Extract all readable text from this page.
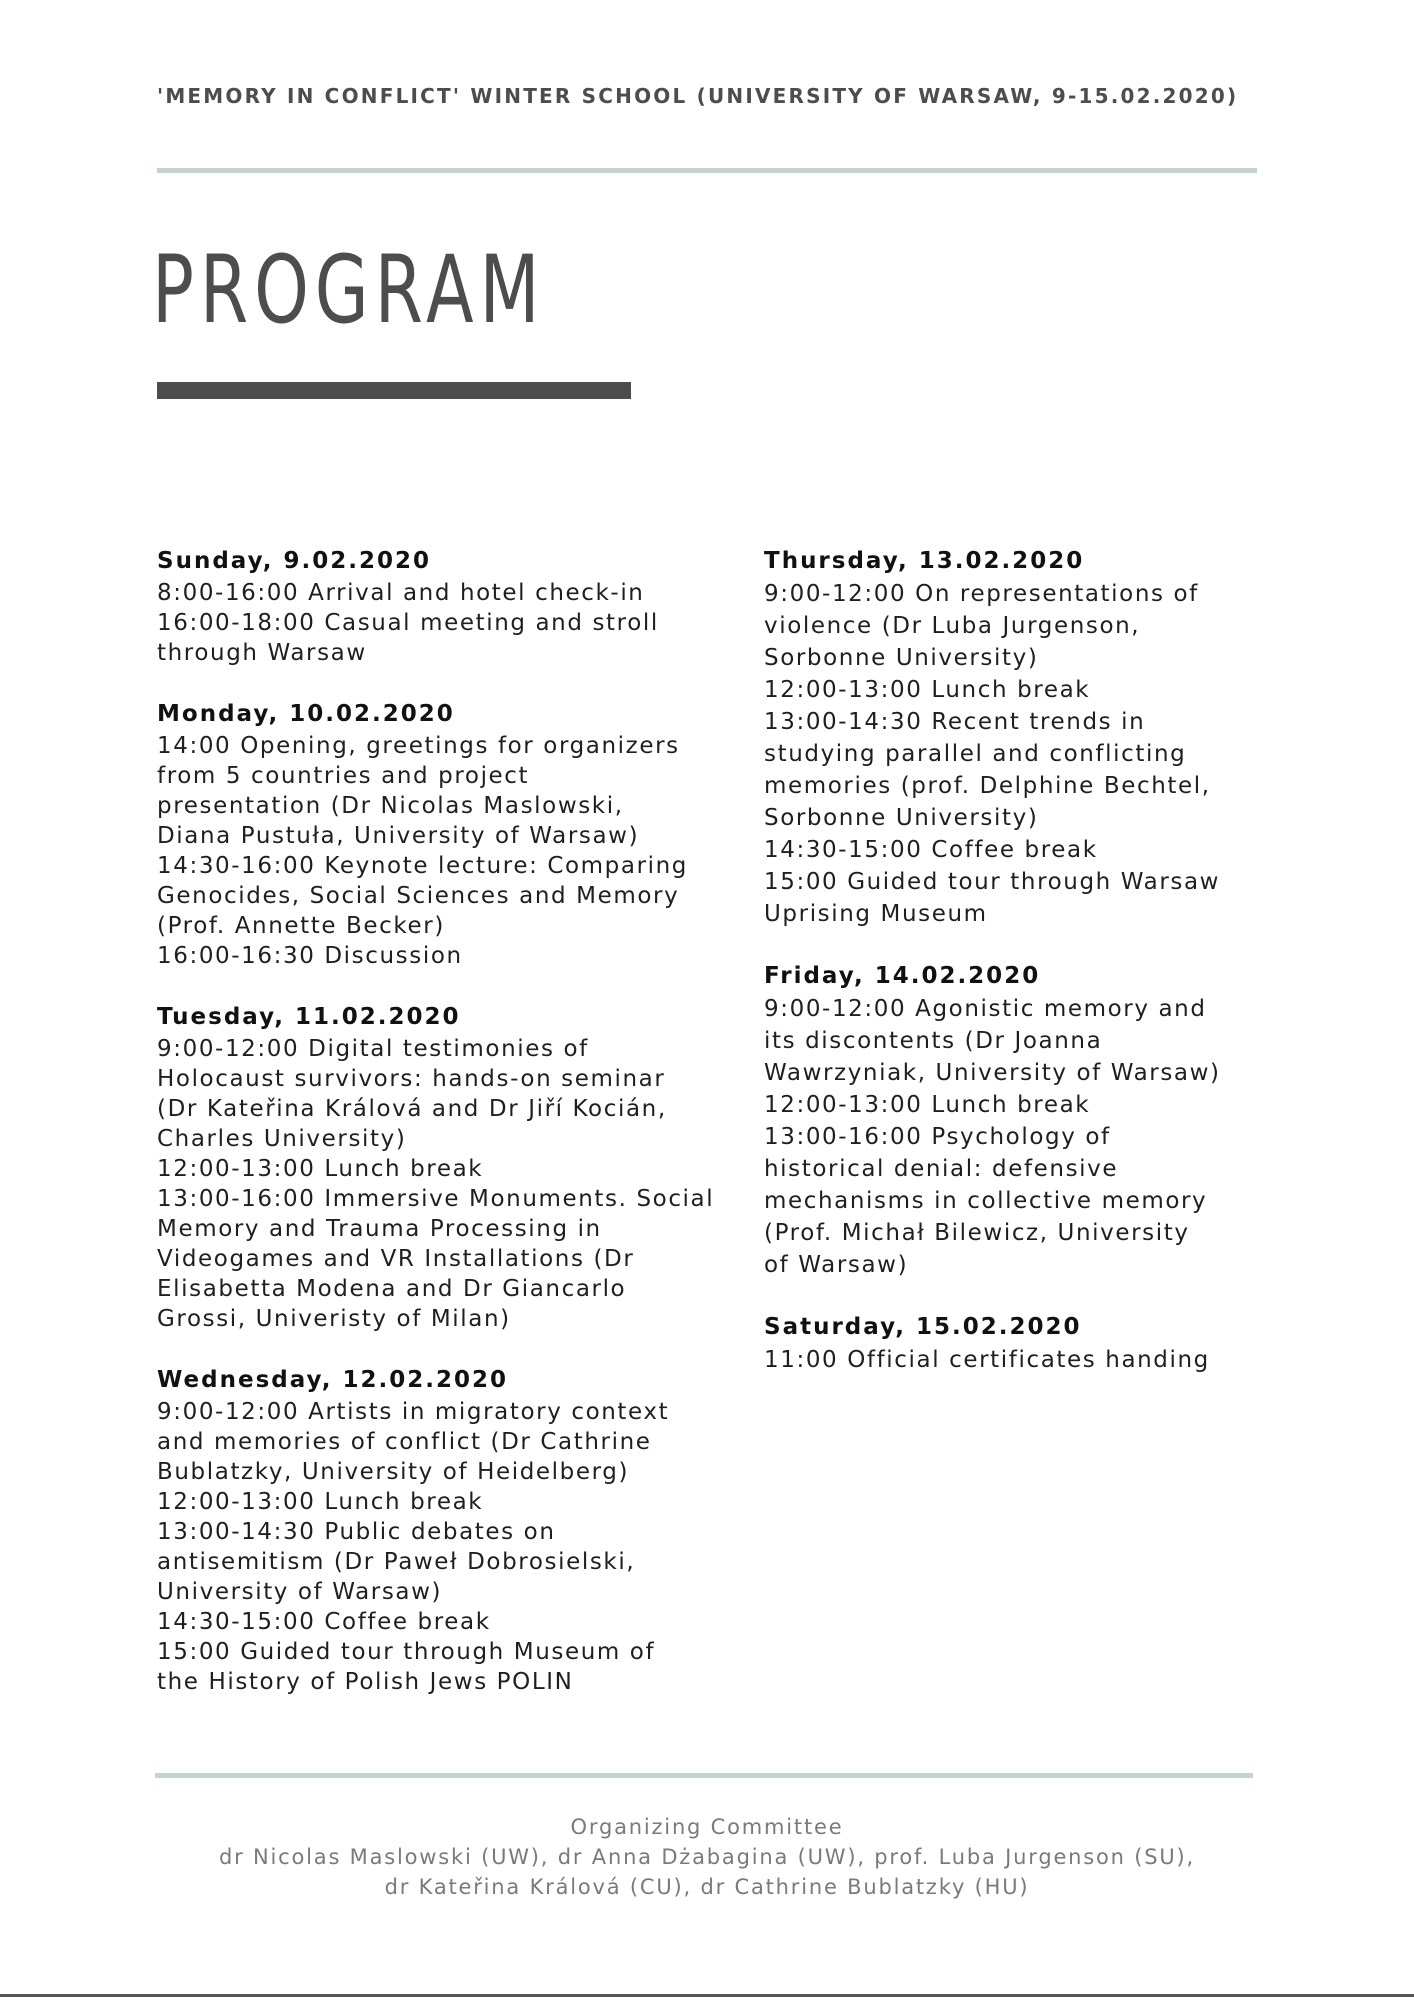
'MEMORY IN CONFLICT' WINTER SCHOOL (UNIVERSITY OF WARSAW, 9-15.02.2020)
PROGRAM
Sunday, 9.02.2020
8:00-16:00 Arrival and hotel check-in
16:00-18:00 Casual meeting and stroll
through Warsaw
Monday, 10.02.2020
14:00 Opening, greetings for organizers
from 5 countries and project
presentation (Dr Nicolas Maslowski,
Diana Pustuła, University of Warsaw)
14:30-16:00 Keynote lecture: Comparing
Genocides, Social Sciences and Memory
(Prof. Annette Becker)
16:00-16:30 Discussion
Tuesday, 11.02.2020
9:00-12:00 Digital testimonies of
Holocaust survivors: hands-on seminar
(Dr Kateřina Králová and Dr Jiří Kocián,
Charles University)
12:00-13:00 Lunch break
13:00-16:00 Immersive Monuments. Social
Memory and Trauma Processing in
Videogames and VR Installations (Dr
Elisabetta Modena and Dr Giancarlo
Grossi, Univeristy of Milan)
Wednesday, 12.02.2020
9:00-12:00 Artists in migratory context
and memories of conflict (Dr Cathrine
Bublatzky, University of Heidelberg)
12:00-13:00 Lunch break
13:00-14:30 Public debates on
antisemitism (Dr Paweł Dobrosielski,
University of Warsaw)
14:30-15:00 Coffee break
15:00 Guided tour through Museum of
the History of Polish Jews POLIN
Thursday, 13.02.2020
9:00-12:00 On representations of
violence (Dr Luba Jurgenson,
Sorbonne University)
12:00-13:00 Lunch break
13:00-14:30 Recent trends in
studying parallel and conflicting
memories (prof. Delphine Bechtel,
Sorbonne University)
14:30-15:00 Coffee break
15:00 Guided tour through Warsaw
Uprising Museum
Friday, 14.02.2020
9:00-12:00 Agonistic memory and
its discontents (Dr Joanna
Wawrzyniak, University of Warsaw)
12:00-13:00 Lunch break
13:00-16:00 Psychology of
historical denial: defensive
mechanisms in collective memory
(Prof. Michał Bilewicz, University
of Warsaw)
Saturday, 15.02.2020
11:00 Official certificates handing
Organizing Committee
dr Nicolas Maslowski (UW), dr Anna Dżabagina (UW), prof. Luba Jurgenson (SU),
dr Kateřina Králová (CU), dr Cathrine Bublatzky (HU)
